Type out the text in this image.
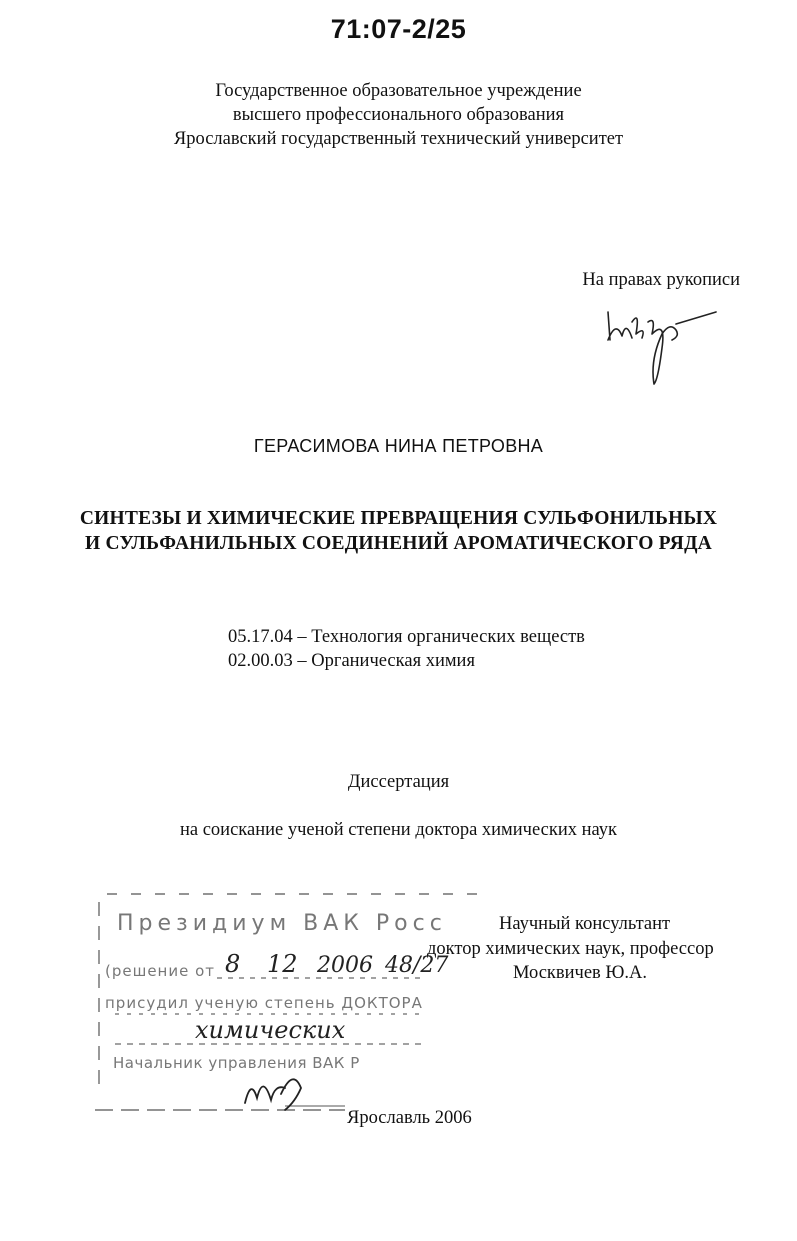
71:07-2/25
Государственное образовательное учреждение
высшего профессионального образования
Ярославский государственный технический университет
На правах рукописи
ГЕРАСИМОВА НИНА ПЕТРОВНА
СИНТЕЗЫ И ХИМИЧЕСКИЕ ПРЕВРАЩЕНИЯ СУЛЬФОНИЛЬНЫХ
И СУЛЬФАНИЛЬНЫХ СОЕДИНЕНИЙ АРОМАТИЧЕСКОГО РЯДА
05.17.04 – Технология органических веществ
02.00.03 – Органическая химия
Диссертация
на соискание ученой степени доктора химических наук
Президиум ВАК Росс
(решение от 8 12 2006 48/27
присудил ученую степень ДОКТОРА
химических
Начальник управления ВАК Р
Научный консультант
доктор химических наук, профессор
Москвичев Ю.А.
Ярославль 2006
